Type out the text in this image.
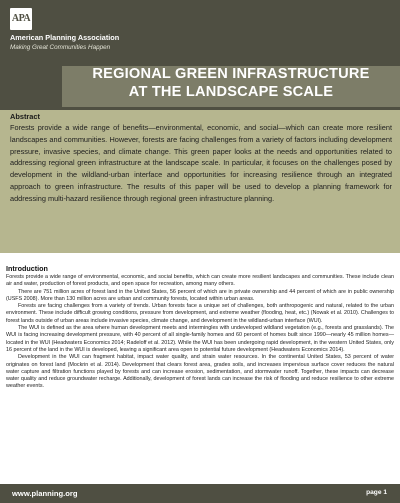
APA
American Planning Association
Making Great Communities Happen
REGIONAL GREEN INFRASTRUCTURE
AT THE LANDSCAPE SCALE
Abstract
Forests provide a wide range of benefits—environmental, economic, and social—which can create more resilient landscapes and communities. However, forests are facing challenges from a variety of factors including development pressure, invasive species, and climate change. This green paper looks at the needs and opportunities related to addressing regional green infrastructure at the landscape scale. In particular, it focuses on the challenges posed by development in the wildland-urban interface and opportunities for increasing resilience through an integrated approach to green infrastructure. The results of this paper will be used to develop a planning framework for addressing multi-hazard resilience through regional green infrastructure planning.
Introduction

Forests provide a wide range of environmental, economic, and social benefits, which can create more resilient landscapes and communities. These include clean air and water, production of forest products, and open space for recreation, among many others.

There are 751 million acres of forest land in the United States, 56 percent of which are in private ownership and 44 percent of which are in public ownership (USFS 2008). More than 130 million acres are urban and community forests, located within urban areas.

Forests are facing challenges from a variety of trends. Urban forests face a unique set of challenges, both anthropogenic and natural, related to the urban environment. These include difficult growing conditions, pressure from development, and extreme weather (flooding, heat, etc.) (Nowak et al. 2010). Challenges to forest lands outside of urban areas include invasive species, climate change, and development in the wildland-urban interface (WUI).

The WUI is defined as the area where human development meets and intermingles with undeveloped wildland vegetation (e.g., forests and grasslands). The WUI is facing increasing development pressure, with 40 percent of all single-family homes and 60 percent of homes built since 1990—nearly 45 million homes—located in the WUI (Headwaters Economics 2014; Radeloff et al. 2012). While the WUI has been undergoing rapid development, in the western United States, only 16 percent of the land in the WUI is developed, leaving a significant area open to potential future development (Headwaters Economics 2014).

Development in the WUI can fragment habitat, impact water quality, and strain water resources. In the continental United States, 53 percent of water originates on forest land (Mockrin et al. 2014). Development that clears forest area, grades soils, and increases impervious surface cover reduces the natural water capture and filtration functions played by forests and can increase erosion, sedimentation, and stormwater runoff. Together, these impacts can decrease water quality and reduce groundwater recharge. Additionally, development of forest lands can increase the risk of flooding and reduce resilience to other extreme weather events.

www.planning.org	page 1
